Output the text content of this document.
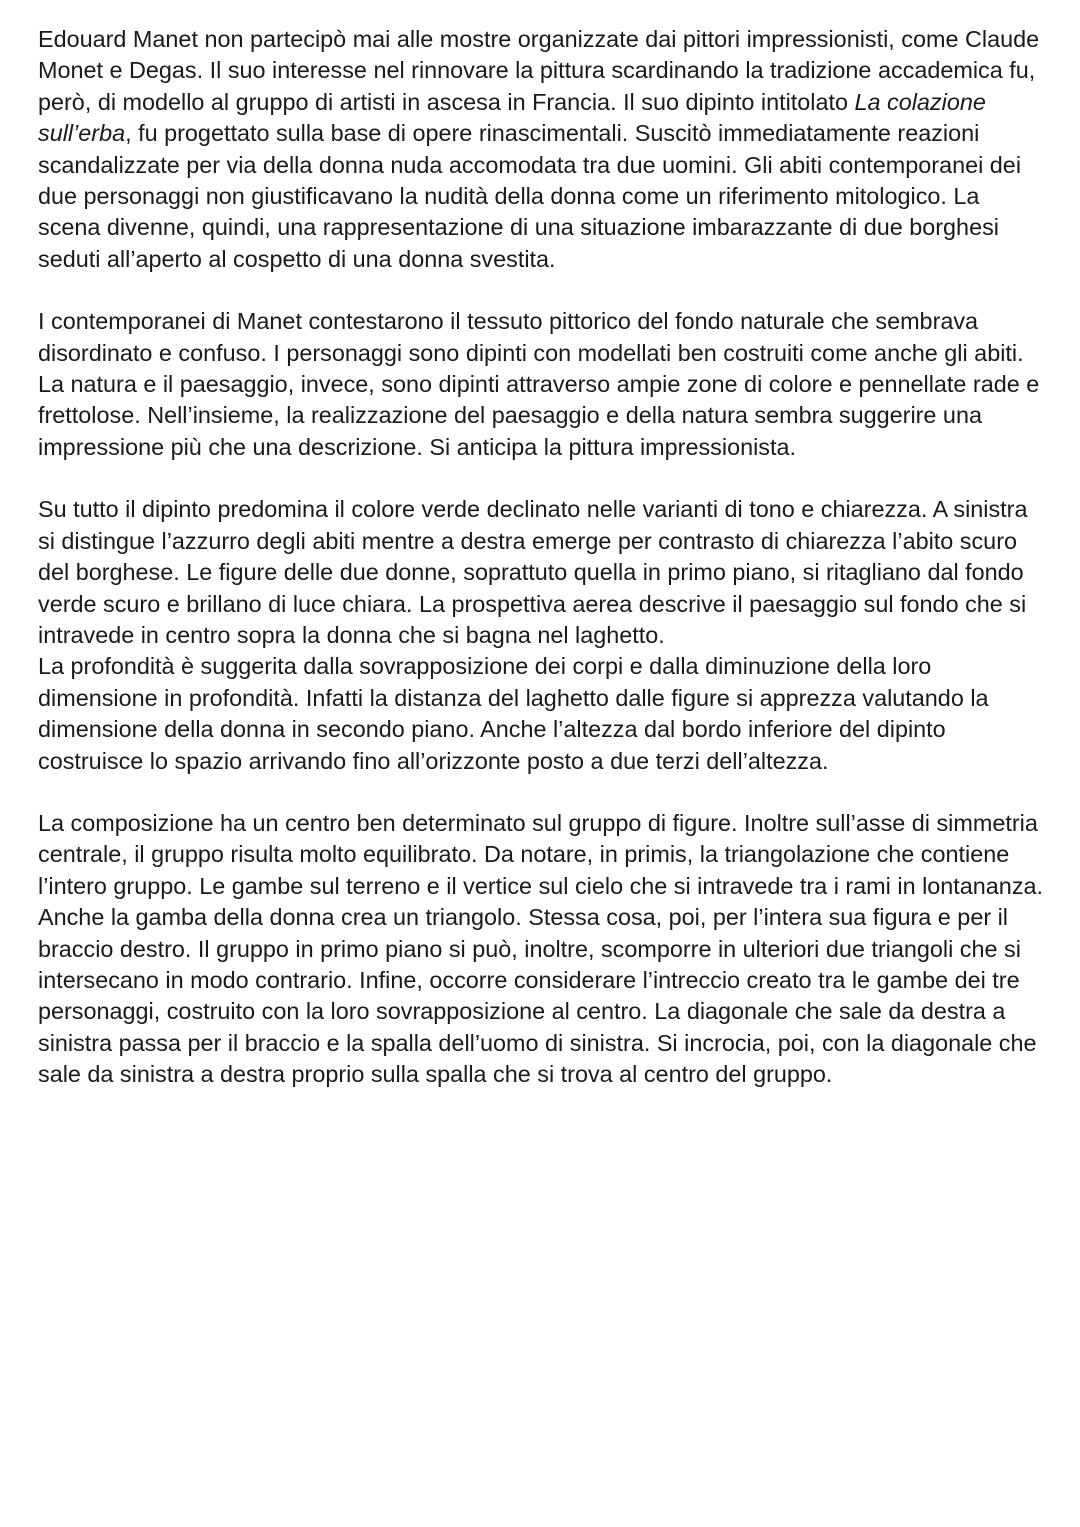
Edouard Manet non partecipò mai alle mostre organizzate dai pittori impressionisti, come Claude Monet e Degas. Il suo interesse nel rinnovare la pittura scardinando la tradizione accademica fu, però, di modello al gruppo di artisti in ascesa in Francia. Il suo dipinto intitolato La colazione sull’erba, fu progettato sulla base di opere rinascimentali. Suscitò immediatamente reazioni scandalizzate per via della donna nuda accomodata tra due uomini. Gli abiti contemporanei dei due personaggi non giustificavano la nudità della donna come un riferimento mitologico. La scena divenne, quindi, una rappresentazione di una situazione imbarazzante di due borghesi seduti all’aperto al cospetto di una donna svestita.

I contemporanei di Manet contestarono il tessuto pittorico del fondo naturale che sembrava disordinato e confuso. I personaggi sono dipinti con modellati ben costruiti come anche gli abiti. La natura e il paesaggio, invece, sono dipinti attraverso ampie zone di colore e pennellate rade e frettolose. Nell’insieme, la realizzazione del paesaggio e della natura sembra suggerire una impressione più che una descrizione. Si anticipa la pittura impressionista.

Su tutto il dipinto predomina il colore verde declinato nelle varianti di tono e chiarezza. A sinistra si distingue l’azzurro degli abiti mentre a destra emerge per contrasto di chiarezza l’abito scuro del borghese. Le figure delle due donne, soprattuto quella in primo piano, si ritagliano dal fondo verde scuro e brillano di luce chiara. La prospettiva aerea descrive il paesaggio sul fondo che si intravede in centro sopra la donna che si bagna nel laghetto.

La profondità è suggerita dalla sovrapposizione dei corpi e dalla diminuzione della loro dimensione in profondità. Infatti la distanza del laghetto dalle figure si apprezza valutando la dimensione della donna in secondo piano. Anche l’altezza dal bordo inferiore del dipinto costruisce lo spazio arrivando fino all’orizzonte posto a due terzi dell’altezza.

La composizione ha un centro ben determinato sul gruppo di figure. Inoltre sull’asse di simmetria centrale, il gruppo risulta molto equilibrato. Da notare, in primis, la triangolazione che contiene l’intero gruppo. Le gambe sul terreno e il vertice sul cielo che si intravede tra i rami in lontananza. Anche la gamba della donna crea un triangolo. Stessa cosa, poi, per l’intera sua figura e per il braccio destro. Il gruppo in primo piano si può, inoltre, scomporre in ulteriori due triangoli che si intersecano in modo contrario. Infine, occorre considerare l’intreccio creato tra le gambe dei tre personaggi, costruito con la loro sovrapposizione al centro. La diagonale che sale da destra a sinistra passa per il braccio e la spalla dell’uomo di sinistra. Si incrocia, poi, con la diagonale che sale da sinistra a destra proprio sulla spalla che si trova al centro del gruppo.
